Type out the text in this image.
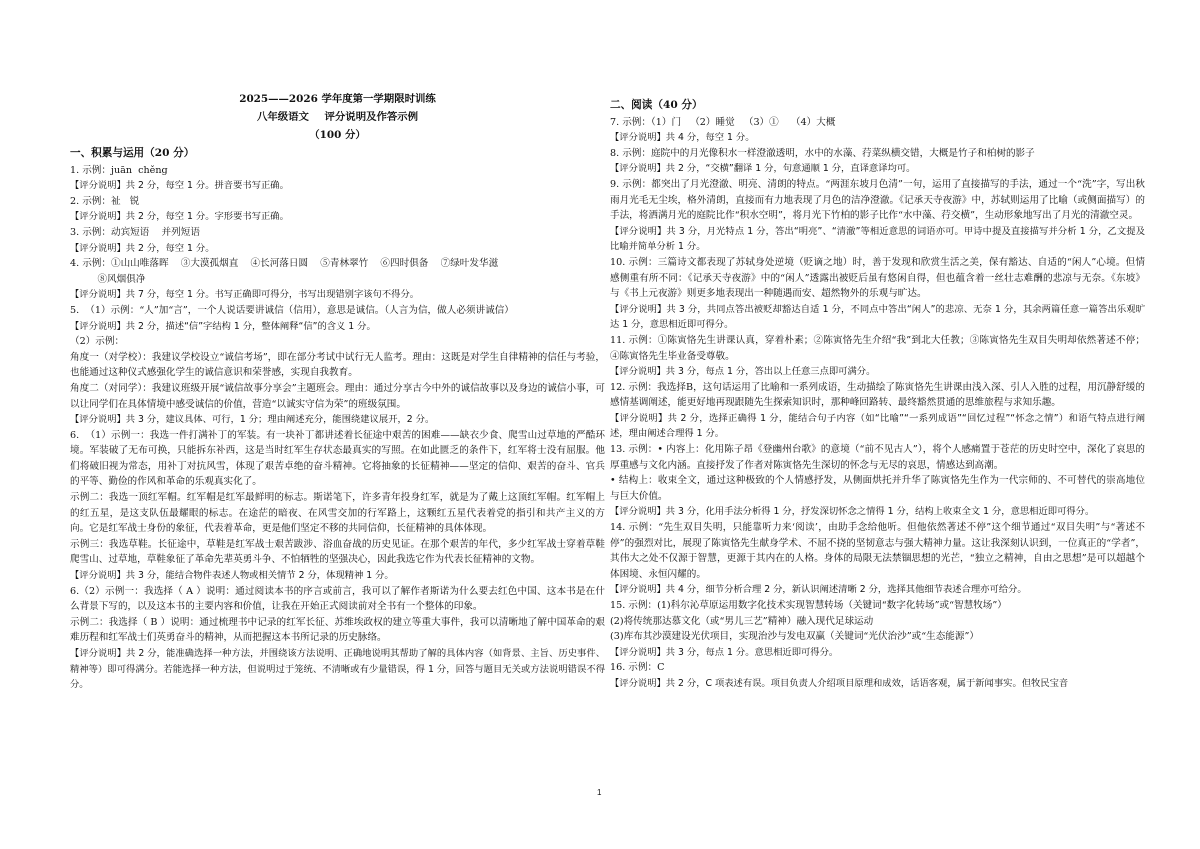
2025——2026 学年度第一学期限时训练
八年级语文 评分说明及作答示例
（100 分）
一、积累与运用（20 分）

1. 示例：juān  chěng

【评分说明】共 2 分，每空 1 分。拼音要书写正确。

2. 示例：祉   锐

【评分说明】共 2 分，每空 1 分。字形要书写正确。

3. 示例：动宾短语    并列短语

【评分说明】共 2 分，每空 1 分。

4. 示例：①山山唯落晖    ③大漠孤烟直    ④长河落日圆    ⑤青林翠竹    ⑥四时俱备    ⑦绿叶发华滋

⑧风烟俱净

【评分说明】共 7 分，每空 1 分。书写正确即可得分，书写出现错别字该句不得分。

5.  （1）示例：“人”加“言”，一个人说话要讲诚信（信用），意思是诚信。（人言为信，做人必须讲诚信）

【评分说明】共 2 分，描述“信”字结构 1 分，整体阐释“信”的含义 1 分。

（2）示例：

角度一（对学校）：我建议学校设立“诚信考场”，即在部分考试中试行无人监考。理由：这既是对学生自律精神的信任与考验，也能通过这种仪式感强化学生的诚信意识和荣誉感，实现自我教育。

角度二（对同学）：我建议班级开展“诚信故事分享会”主题班会。理由：通过分享古今中外的诚信故事以及身边的诚信小事，可以让同学们在具体情境中感受诚信的价值，营造“以诚实守信为荣”的班级氛围。

【评分说明】共 3 分，建议具体、可行，1 分；理由阐述充分，能围绕建议展开，2 分。

6.  （1）示例一：我选一件打满补丁的军装。有一块补丁都讲述着长征途中艰苦的困难——缺衣少食、爬雪山过草地的严酷环境。军装破了无布可换，只能拆东补西，这是当时红军生存状态最真实的写照。在如此匮乏的条件下，红军将士没有屈服。他们将破旧视为常态，用补丁对抗风雪，体现了艰苦卓绝的奋斗精神。它将抽象的长征精神——坚定的信仰、艰苦的奋斗、官兵的平等、勤俭的作风和革命的乐观真实化了。

示例二：我选一顶红军帽。红军帽是红军最鲜明的标志。斯诺笔下，许多青年投身红军，就是为了戴上这顶红军帽。红军帽上的红五星，是这支队伍最耀眼的标志。在途茫的暗夜、在风雪交加的行军路上，这颗红五星代表着党的指引和共产主义的方向。它是红军战士身份的象征，代表着革命，更是他们坚定不移的共同信仰，长征精神的具体体现。

示例三：我选草鞋。长征途中，草鞋是红军战士艰苦跋涉、浴血奋战的历史见证。在那个艰苦的年代，多少红军战士穿着草鞋爬雪山、过草地，草鞋象征了革命先辈英勇斗争、不怕牺牲的坚强决心，因此我选它作为代表长征精神的文物。

【评分说明】共 3 分，能结合物件表述人物或相关情节 2 分，体现精神 1 分。

6.（2）示例一：我选择（ A ）说明：通过阅读本书的序言或前言，我可以了解作者斯诺为什么要去红色中国、这本书是在什么背景下写的，以及这本书的主要内容和价值，让我在开始正式阅读前对全书有一个整体的印象。

示例二：我选择（ B ）说明：通过梳理书中记录的红军长征、苏维埃政权的建立等重大事件，我可以清晰地了解中国革命的艰难历程和红军战士们英勇奋斗的精神，从而把握这本书所记录的历史脉络。

【评分说明】共 2 分，能准确选择一种方法，并围绕该方法说明、正确地说明其帮助了解的具体内容（如背景、主旨、历史事件、精神等）即可得满分。若能选择一种方法，但说明过于笼统、不清晰或有少量错误，得 1 分，回答与题目无关或方法说明错误不得分。

二、阅读（40 分）

7. 示例：（1）门   （2）睡觉   （3）①    （4）大概

【评分说明】共 4 分，每空 1 分。

8. 示例：庭院中的月光像积水一样澄澈透明，水中的水藻、荇菜纵横交错，大概是竹子和柏树的影子

【评分说明】共 2 分，“交横”翻译 1 分，句意通顺 1 分，直译意译均可。

9. 示例：都突出了月光澄澈、明亮、清朗的特点。“两涯东坡月色清”一句，运用了直接描写的手法，通过一个“洗”字，写出秋雨月光毛无尘埃，格外清朗，直接而有力地表现了月色的洁净澄澈。《记承天寺夜游》中，苏轼则运用了比喻（或侧面描写）的手法，将洒满月光的庭院比作“积水空明”，将月光下竹柏的影子比作“水中藻、荇交横”，生动形象地写出了月光的清澈空灵。

【评分说明】共 3 分，月光特点 1 分，答出“明亮”、“清澈”等相近意思的词语亦可。甲诗中提及直接描写并分析 1 分，乙文提及比喻并简单分析 1 分。

10. 示例：三篇诗文都表现了苏轼身处逆境（贬谪之地）时，善于发现和欣赏生活之美，保有豁达、自适的“闲人”心境。但情感侧重有所不同：《记承天寺夜游》中的“闲人”透露出被贬后虽有悠闲自得，但也蕴含着一丝壮志难酬的悲凉与无奈。《东坡》与《书上元夜游》则更多地表现出一种随遇而安、超然物外的乐观与旷达。

【评分说明】共 3 分，共同点答出被贬却豁达自适 1 分，不同点中答出“闲人”的悲凉、无奈 1 分，其余两篇任意一篇答出乐观旷达 1 分，意思相近即可得分。

11. 示例：①陈寅恪先生讲课认真，穿着朴素；②陈寅恪先生介绍“我”到北大任教；③陈寅恪先生双目失明却依然著述不停；④陈寅恪先生毕业备受尊敬。

【评分说明】共 3 分，每点 1 分，答出以上任意三点即可满分。

12. 示例：我选择B，这句话运用了比喻和一系列成语，生动描绘了陈寅恪先生讲课由浅入深、引人入胜的过程，用沉静舒缓的感情基调阐述，能更好地再现跟随先生探索知识时，那种峰回路转、最终豁然贯通的思维旅程与求知乐趣。

【评分说明】共 2 分，选择正确得 1 分，能结合句子内容（如“比喻”“一系列成语”“回忆过程”“怀念之情”）和语气特点进行阐述，理由阐述合理得 1 分。

13. 示例：• 内容上：化用陈子昂《登幽州台歌》的意境（“前不见古人”），将个人感痛置于苍茫的历史时空中，深化了哀思的厚重感与文化内涵。直接抒发了作者对陈寅恪先生深切的怀念与无尽的哀思，情感达到高潮。

• 结构上：收束全文，通过这种极致的个人情感抒发，从侧面烘托并升华了陈寅恪先生作为一代宗师的、不可替代的崇高地位与巨大价值。

【评分说明】共 3 分，化用手法分析得 1 分，抒发深切怀念之情得 1 分，结构上收束全文 1 分，意思相近即可得分。

14. 示例：“先生双目失明，只能靠听力来‘阅读’，由助手念给他听。但他依然著述不停”这个细节通过“双目失明”与“著述不停”的强烈对比，展现了陈寅恪先生献身学术、不屈不挠的坚韧意志与强大精神力量。这让我深刻认识到，一位真正的“学者”，其伟大之处不仅源于智慧，更源于其内在的人格。身体的局限无法禁锢思想的光芒，“独立之精神，自由之思想”是可以超越个体困境、永恒闪耀的。

【评分说明】共 4 分，细节分析合理 2 分，新认识阐述清晰 2 分，选择其他细节表述合理亦可给分。

15. 示例：(1)科尔沁草原运用数字化技术实现智慧转场（关键词“数字化转场”或“智慧牧场”）

(2)将传统那达慕文化（或“男儿三艺”精神）融入现代足球运动

(3)库布其沙漠建设光伏项目，实现治沙与发电双赢（关键词“光伏治沙”或“生态能源”）

【评分说明】共 3 分，每点 1 分。意思相近即可得分。

16. 示例：C

【评分说明】共 2 分，C 项表述有误。项目负责人介绍项目原理和成效，话语客观，属于新闻事实。但牧民宝音

1
